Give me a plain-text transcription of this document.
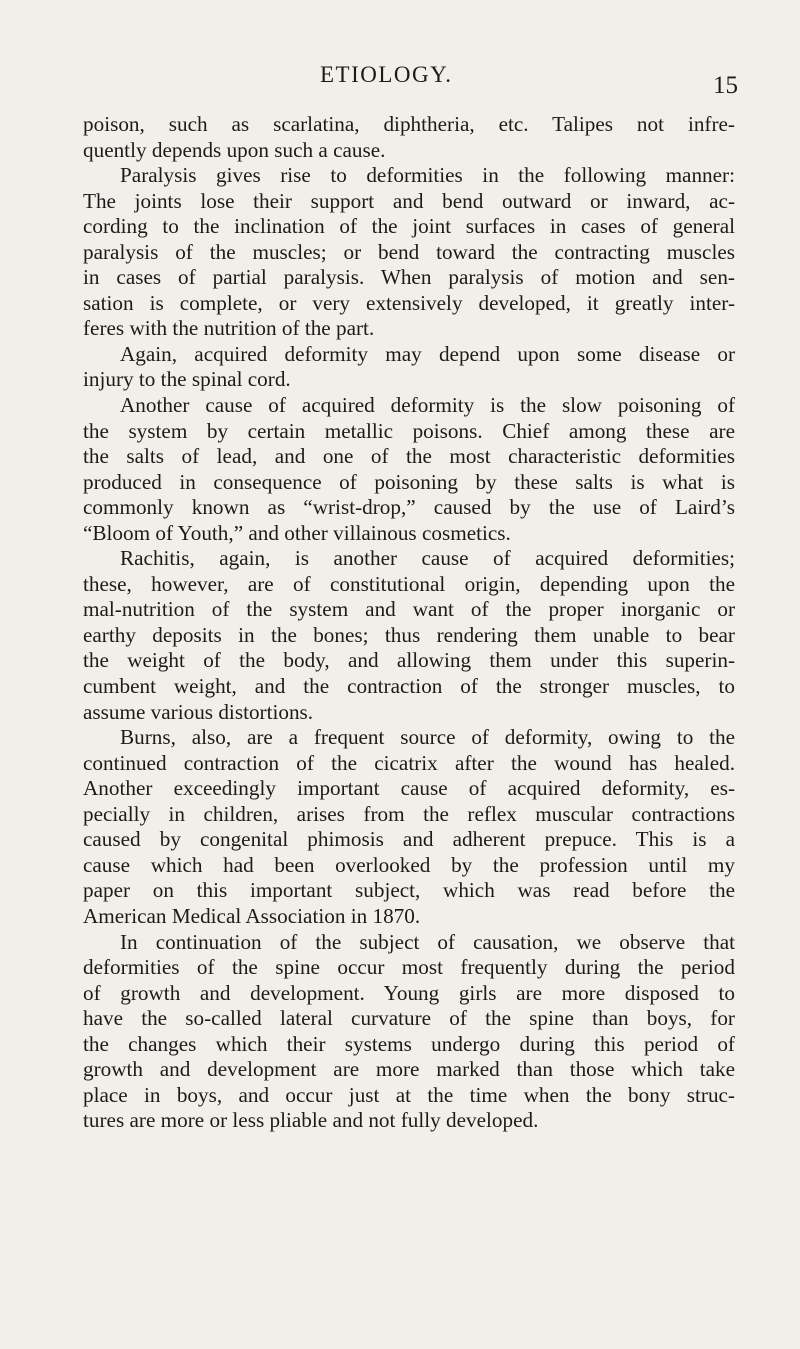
ETIOLOGY.	15
poison, such as scarlatina, diphtheria, etc. Talipes not infre-
quently depends upon such a cause.
Paralysis gives rise to deformities in the following manner:
The joints lose their support and bend outward or inward, ac-
cording to the inclination of the joint surfaces in cases of general
paralysis of the muscles; or bend toward the contracting muscles
in cases of partial paralysis. When paralysis of motion and sen-
sation is complete, or very extensively developed, it greatly inter-
feres with the nutrition of the part.
Again, acquired deformity may depend upon some disease or
injury to the spinal cord.
Another cause of acquired deformity is the slow poisoning of
the system by certain metallic poisons. Chief among these are
the salts of lead, and one of the most characteristic deformities
produced in consequence of poisoning by these salts is what is
commonly known as “wrist-drop,” caused by the use of Laird’s
“Bloom of Youth,” and other villainous cosmetics.
Rachitis, again, is another cause of acquired deformities;
these, however, are of constitutional origin, depending upon the
mal-nutrition of the system and want of the proper inorganic or
earthy deposits in the bones; thus rendering them unable to bear
the weight of the body, and allowing them under this superin-
cumbent weight, and the contraction of the stronger muscles, to
assume various distortions.
Burns, also, are a frequent source of deformity, owing to the
continued contraction of the cicatrix after the wound has healed.
Another exceedingly important cause of acquired deformity, es-
pecially in children, arises from the reflex muscular contractions
caused by congenital phimosis and adherent prepuce. This is a
cause which had been overlooked by the profession until my
paper on this important subject, which was read before the
American Medical Association in 1870.
In continuation of the subject of causation, we observe that
deformities of the spine occur most frequently during the period
of growth and development. Young girls are more disposed to
have the so-called lateral curvature of the spine than boys, for
the changes which their systems undergo during this period of
growth and development are more marked than those which take
place in boys, and occur just at the time when the bony struc-
tures are more or less pliable and not fully developed.
